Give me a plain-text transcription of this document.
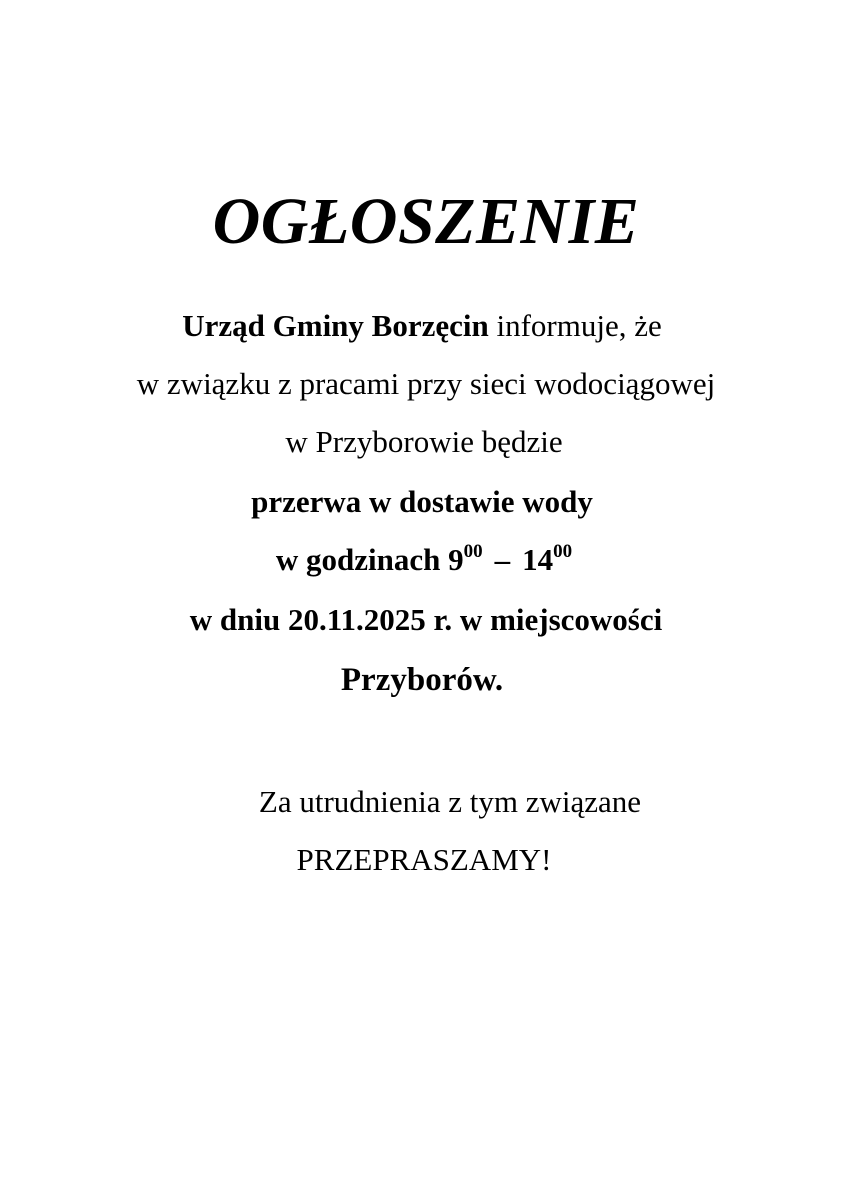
OGŁOSZENIE
Urząd Gminy Borzęcin informuje, że
w związku z pracami przy sieci wodociągowej
w Przyborowie będzie
przerwa w dostawie wody
w godzinach $9^{00} - 14^{00}$
w dniu 20.11.2025 r. w miejscowości
Przyborów.
Za utrudnienia z tym związane
PRZEPRASZAMY!
